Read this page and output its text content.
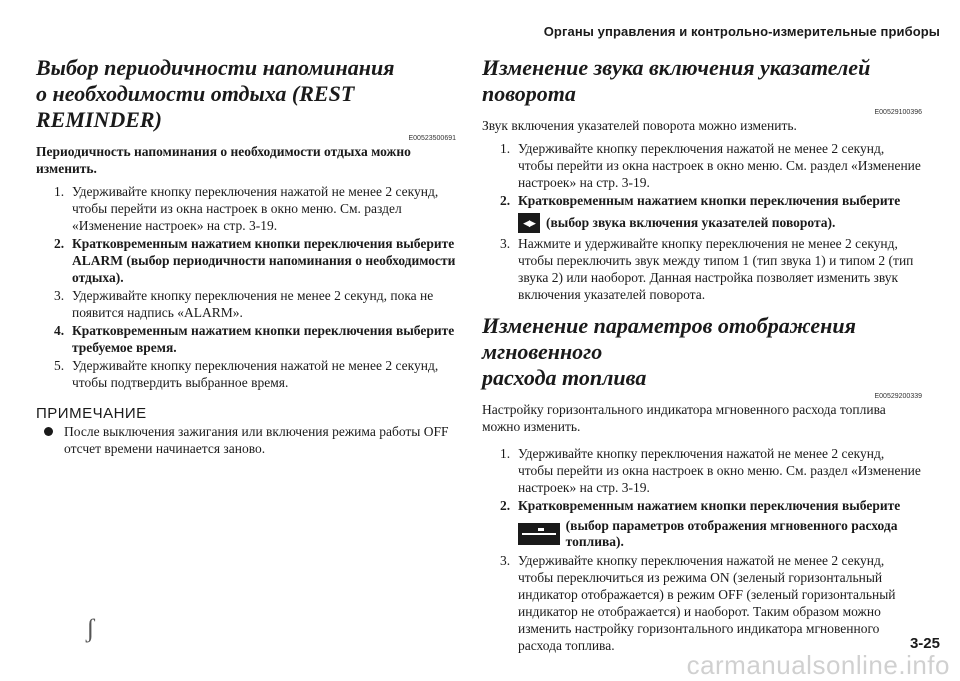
Органы управления и контрольно-измерительные приборы
Выбор периодичности напоминания
о необходимости отдыха (REST REMINDER)
E00523500691

Периодичность напоминания о необходимости отдыха можно изменить.

1. Удерживайте кнопку переключения нажатой не менее 2 секунд, чтобы перейти из окна настроек в окно меню. См. раздел «Изменение настроек» на стр. 3-19.
2. Кратковременным нажатием кнопки переключения выберите ALARM (выбор периодичности напоминания о необходимости отдыха).
3. Удерживайте кнопку переключения не менее 2 секунд, пока не появится надпись «ALARM».
4. Кратковременным нажатием кнопки переключения выберите требуемое время.
5. Удерживайте кнопку переключения нажатой не менее 2 секунд, чтобы подтвердить выбранное время.
ПРИМЕЧАНИЕ
После выключения зажигания или включения режима работы OFF отсчет времени начинается заново.
Изменение звука включения указателей поворота
E00529100396

Звук включения указателей поворота можно изменить.

1. Удерживайте кнопку переключения нажатой не менее 2 секунд, чтобы перейти из окна настроек в окно меню. См. раздел «Изменение настроек» на стр. 3-19.
2. Кратковременным нажатием кнопки переключения выберите
◀▶ (выбор звука включения указателей поворота).
3. Нажмите и удерживайте кнопку переключения не менее 2 секунд, чтобы переключить звук между типом 1 (тип звука 1) и типом 2 (тип звука 2) или наоборот. Данная настройка позволяет изменить звук включения указателей поворота.
Изменение параметров отображения мгновенного
расхода топлива
E00529200339

Настройку горизонтального индикатора мгновенного расхода топлива можно изменить.

1. Удерживайте кнопку переключения нажатой не менее 2 секунд, чтобы перейти из окна настроек в окно меню. См. раздел «Изменение настроек» на стр. 3-19.
2. Кратковременным нажатием кнопки переключения выберите
(выбор параметров отображения мгновенного расхода топлива).
3. Удерживайте кнопку переключения нажатой не менее 2 секунд, чтобы переключиться из режима ON (зеленый горизонтальный индикатор отображается) в режим OFF (зеленый горизонтальный индикатор не отображается) и наоборот. Таким образом можно изменить настройку горизонтального индикатора мгновенного расхода топлива.
ʃ
3-25
carmanualsonline.info
